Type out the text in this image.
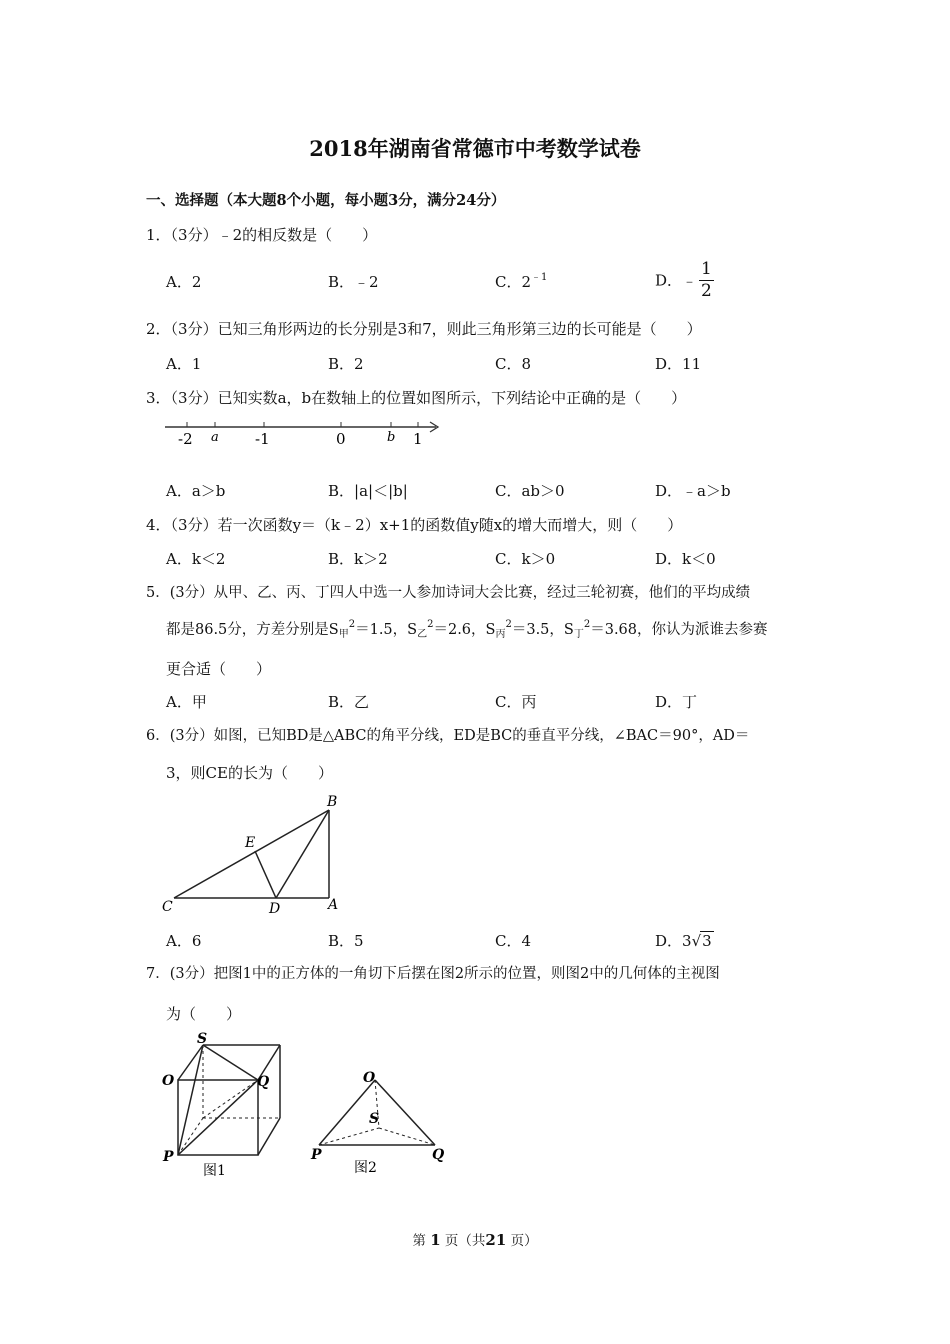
2018年湖南省常德市中考数学试卷
一、选择题（本大题8个小题，每小题3分，满分24分）
1．（3分）﹣2的相反数是（　　）
A．2	B．﹣2	C．$2^{﹣1}$	D．﹣ $\frac{1}{2}$
2．（3分）已知三角形两边的长分别是3和7，则此三角形第三边的长可能是（　　）
A．1	B．2	C．8	D．11
3．（3分）已知实数a，b在数轴上的位置如图所示，下列结论中正确的是（　　）
-2 a -1	0	b 1
A．a＞b	B．|a|＜|b|	C．ab＞0	D．﹣a＞b
4．（3分）若一次函数y＝（k﹣2）x+1的函数值y随x的增大而增大，则（　　）
A．k＜2	B．k＞2	C．k＞0	D．k＜0
5．(3分）从甲、乙、丙、丁四人中选一人参加诗词大会比赛，经过三轮初赛，他们的平均成绩
都是86.5分，方差分别是$S_甲^2=1.5$，$S_乙^2=2.6$，$S_丙^2=3.5$，$S_丁^2=3.68$，你认为派谁去参赛
更合适（　　）
A．甲	B．乙	C．丙	D．丁
6．(3分）如图，已知BD是△ABC的角平分线，ED是BC的垂直平分线，∠BAC＝90°，AD＝
3，则CE的长为（　　）
B
E
C	D	A
A．6	B．5	C．4	D．3√3
7．(3分）把图1中的正方体的一角切下后摆在图2所示的位置，则图2中的几何体的主视图
为（　　）
S
O	Q
P
图1
O
S
P	Q
图2
第 1 页（共21 页）
